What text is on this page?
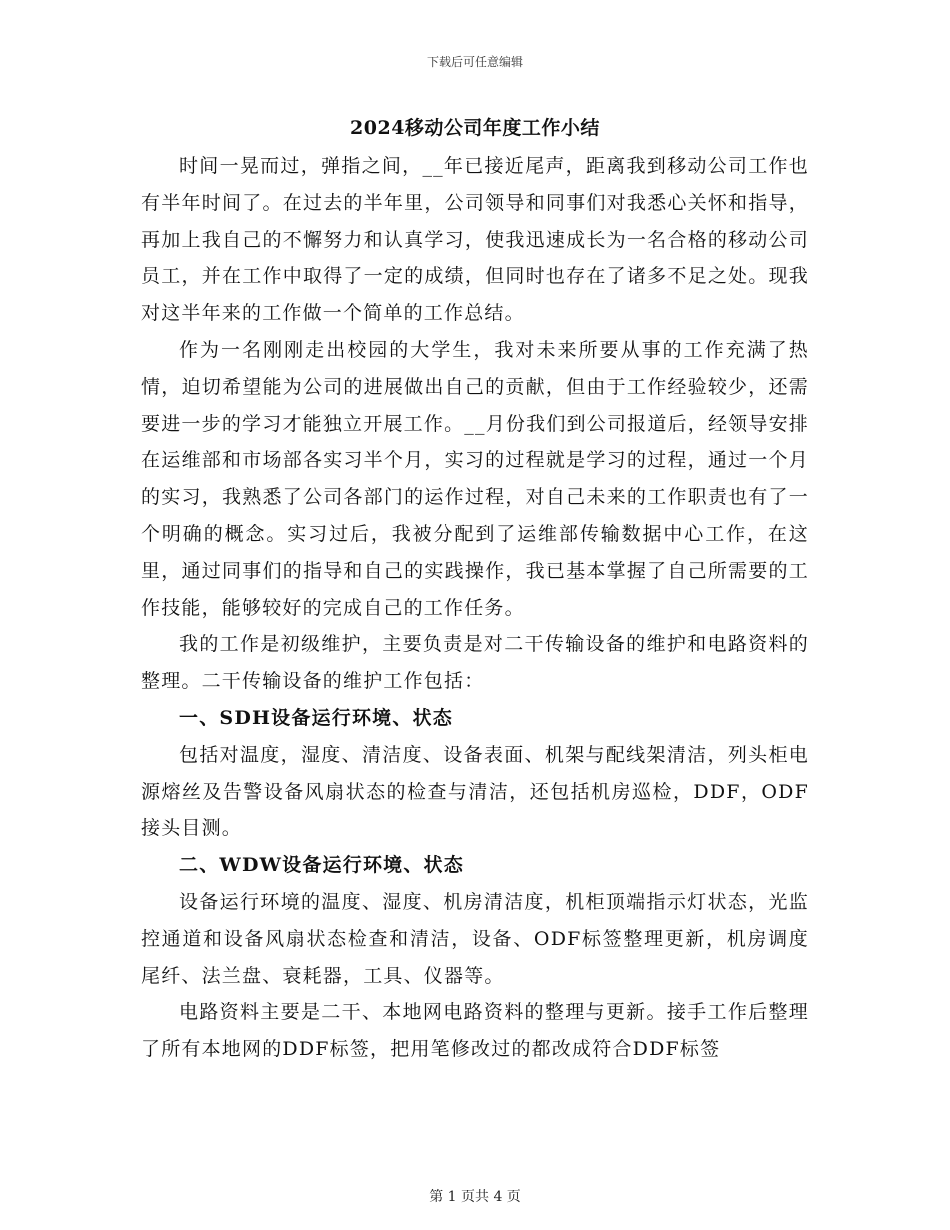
下载后可任意编辑
2024移动公司年度工作小结

时间一晃而过，弹指之间，__年已接近尾声，距离我到移动公司工作也有半年时间了。在过去的半年里，公司领导和同事们对我悉心关怀和指导，再加上我自己的不懈努力和认真学习，使我迅速成长为一名合格的移动公司员工，并在工作中取得了一定的成绩，但同时也存在了诸多不足之处。现我对这半年来的工作做一个简单的工作总结。

作为一名刚刚走出校园的大学生，我对未来所要从事的工作充满了热情，迫切希望能为公司的进展做出自己的贡献，但由于工作经验较少，还需要进一步的学习才能独立开展工作。__月份我们到公司报道后，经领导安排在运维部和市场部各实习半个月，实习的过程就是学习的过程，通过一个月的实习，我熟悉了公司各部门的运作过程，对自己未来的工作职责也有了一个明确的概念。实习过后，我被分配到了运维部传输数据中心工作，在这里，通过同事们的指导和自己的实践操作，我已基本掌握了自己所需要的工作技能，能够较好的完成自己的工作任务。

我的工作是初级维护，主要负责是对二干传输设备的维护和电路资料的整理。二干传输设备的维护工作包括：

一、SDH设备运行环境、状态

包括对温度，湿度、清洁度、设备表面、机架与配线架清洁，列头柜电源熔丝及告警设备风扇状态的检查与清洁，还包括机房巡检，DDF，ODF接头目测。

二、WDW设备运行环境、状态

设备运行环境的温度、湿度、机房清洁度，机柜顶端指示灯状态，光监控通道和设备风扇状态检查和清洁，设备、ODF标签整理更新，机房调度尾纤、法兰盘、衰耗器，工具、仪器等。

电路资料主要是二干、本地网电路资料的整理与更新。接手工作后整理了所有本地网的DDF标签，把用笔修改过的都改成符合DDF标签

第 1 页共 4 页
